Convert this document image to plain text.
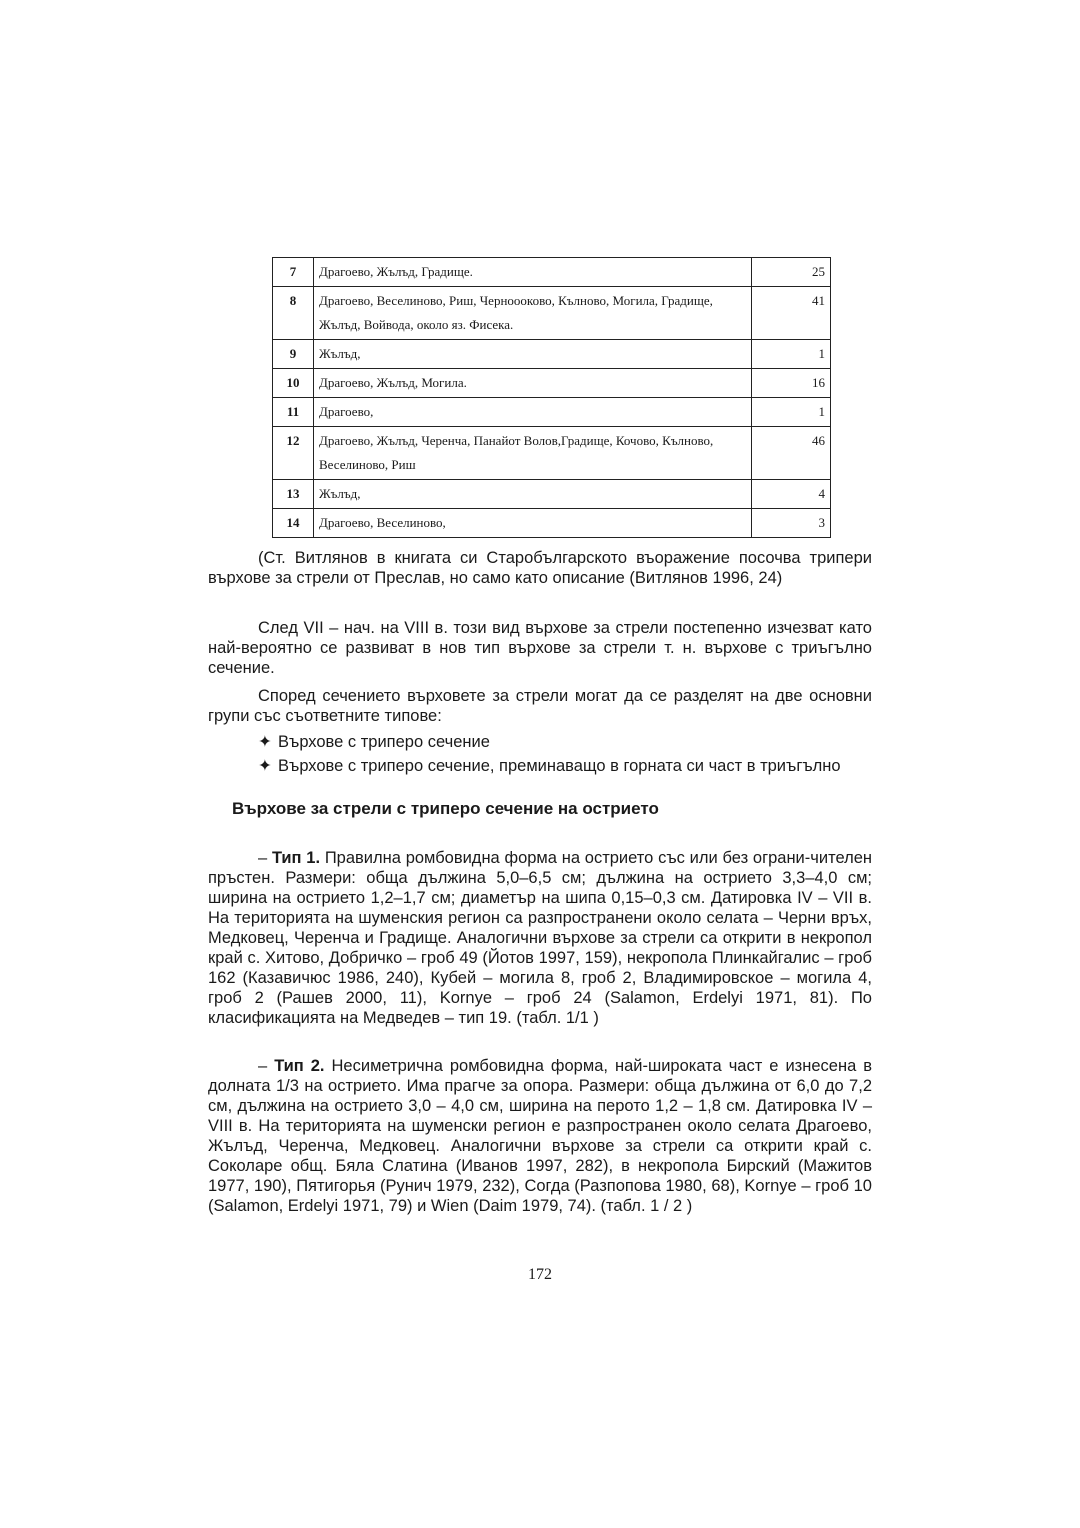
7	Драгоево, Жълъд, Градище.	25
8	Драгоево, Веселиново, Риш, Черноооково, Кълново, Могила, Градище, Жълъд, Войвода, около яз. Фисека.	41
9	Жълъд,	1
10	Драгоево, Жълъд, Могила.	16
11	Драгоево,	1
12	Драгоево, Жълъд, Черенча, Панайот Волов,Градище, Кочово, Кълново, Веселиново, Риш	46
13	Жълъд,	4
14	Драгоево, Веселиново,	3

(Ст. Витлянов в книгата си Старобългарското въоражение посочва трипери върхове за стрели от Преслав, но само като описание (Витлянов 1996, 24)

След VII – нач. на VIII в. този вид върхове за стрели постепенно изчезват като най-вероятно се развиват в нов тип върхове за стрели т. н. върхове с триъгълно сечение.

Според сечението върховете за стрели могат да се разделят на две основни групи със съответните типове:

✦ Върхове с триперо сечение

✦ Върхове с триперо сечение, преминаващо в горната си част в триъгълно

Върхове за стрели с триперо сечение на острието

– Тип 1. Правилна ромбовидна форма на острието със или без ограни-чителен пръстен. Размери: обща дължина 5,0–6,5 см; дължина на острието 3,3–4,0 см; ширина на острието 1,2–1,7 см; диаметър на шипа 0,15–0,3 см. Датировка IV – VII в. На територията на шуменския регион са разпространени около селата – Черни връх, Медковец, Черенча и Градище. Аналогични върхове за стрели са открити в некропол край с. Хитово, Добричко – гроб 49 (Йотов 1997, 159), некропола Плинкайгалис – гроб 162 (Казавичюс 1986, 240), Кубей – могила 8, гроб 2, Владимировское – могила 4, гроб 2 (Рашев 2000, 11), Kornye – гроб 24 (Salamon, Erdelyi 1971, 81). По класификацията на Медведев – тип 19. (табл. 1/1 )

– Тип 2. Несиметрична ромбовидна форма, най-широката част е изнесена в долната 1/3 на острието. Има прагче за опора. Размери: обща дължина от 6,0 до 7,2 см, дължина на острието 3,0 – 4,0 см, ширина на перото 1,2 – 1,8 см. Датировка IV – VIII в. На територията на шуменски регион е разпространен около селата Драгоево, Жълъд, Черенча, Медковец. Аналогични върхове за стрели са открити край с. Соколаре общ. Бяла Слатина (Иванов 1997, 282), в некропола Бирский (Мажитов 1977, 190), Пятигорья (Рунич 1979, 232), Согда (Разпопова 1980, 68), Kornye – гроб 10 (Salamon, Erdelyi 1971, 79) и Wien (Daim 1979, 74). (табл. 1 / 2 )

172
